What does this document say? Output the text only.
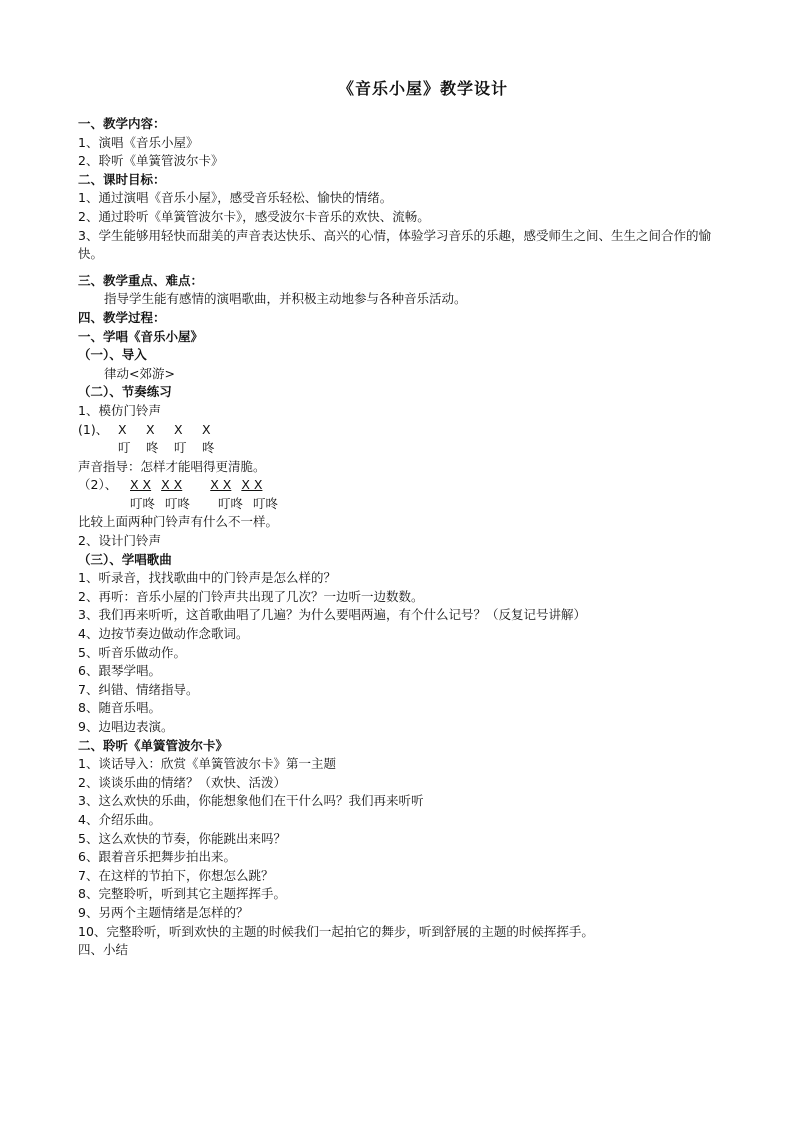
《音乐小屋》教学设计
一、教学内容：
1、演唱《音乐小屋》
2、聆听《单簧管波尔卡》
二、课时目标：
1、通过演唱《音乐小屋》，感受音乐轻松、愉快的情绪。
2、通过聆听《单簧管波尔卡》，感受波尔卡音乐的欢快、流畅。
3、学生能够用轻快而甜美的声音表达快乐、高兴的心情，体验学习音乐的乐趣，感受师生之间、生生之间合作的愉快。
三、教学重点、难点：
指导学生能有感情的演唱歌曲，并积极主动地参与各种音乐活动。
四、教学过程：
一、学唱《音乐小屋》
（一）、导入
律动<郊游>
（二）、节奏练习
1、模仿门铃声
(1)、 X X X X
叮 咚 叮 咚
声音指导：怎样才能唱得更清脆。
（2）、 X X X X X X X X
叮咚 叮咚 叮咚 叮咚
比较上面两种门铃声有什么不一样。
2、设计门铃声
（三）、学唱歌曲
1、听录音，找找歌曲中的门铃声是怎么样的？
2、再听：音乐小屋的门铃声共出现了几次？一边听一边数数。
3、我们再来听听，这首歌曲唱了几遍？为什么要唱两遍，有个什么记号？（反复记号讲解）
4、边按节奏边做动作念歌词。
5、听音乐做动作。
6、跟琴学唱。
7、纠错、情绪指导。
8、随音乐唱。
9、边唱边表演。
二、聆听《单簧管波尔卡》
1、谈话导入：欣赏《单簧管波尔卡》第一主题
2、谈谈乐曲的情绪？（欢快、活泼）
3、这么欢快的乐曲，你能想象他们在干什么吗？我们再来听听
4、介绍乐曲。
5、这么欢快的节奏，你能跳出来吗？
6、跟着音乐把舞步拍出来。
7、在这样的节拍下，你想怎么跳？
8、完整聆听，听到其它主题挥挥手。
9、另两个主题情绪是怎样的？
10、完整聆听，听到欢快的主题的时候我们一起拍它的舞步，听到舒展的主题的时候挥挥手。
四、小结
